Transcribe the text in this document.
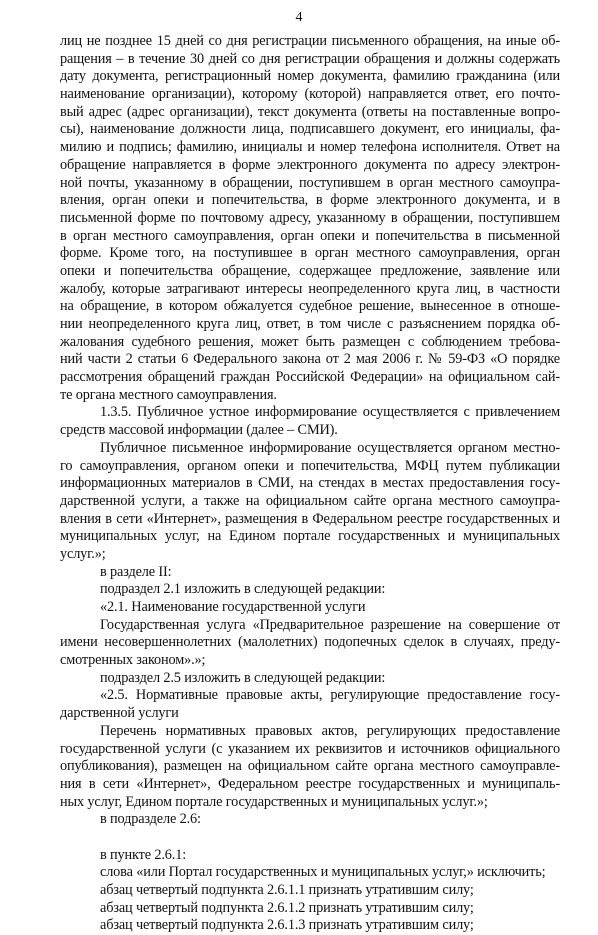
4
лиц не позднее 15 дней со дня регистрации письменного обращения, на иные об-
ращения – в течение 30 дней со дня регистрации обращения и должны содержать
дату документа, регистрационный номер документа, фамилию гражданина (или
наименование организации), которому (которой) направляется ответ, его почто-
вый адрес (адрес организации), текст документа (ответы на поставленные вопро-
сы), наименование должности лица, подписавшего документ, его инициалы, фа-
милию и подпись; фамилию, инициалы и номер телефона исполнителя. Ответ на
обращение направляется в форме электронного документа по адресу электрон-
ной почты, указанному в обращении, поступившем в орган местного самоупра-
вления, орган опеки и попечительства, в форме электронного документа, и в
письменной форме по почтовому адресу, указанному в обращении, поступившем
в орган местного самоуправления, орган опеки и попечительства в письменной
форме. Кроме того, на поступившее в орган местного самоуправления, орган
опеки и попечительства обращение, содержащее предложение, заявление или
жалобу, которые затрагивают интересы неопределенного круга лиц, в частности
на обращение, в котором обжалуется судебное решение, вынесенное в отноше-
нии неопределенного круга лиц, ответ, в том числе с разъяснением порядка об-
жалования судебного решения, может быть размещен с соблюдением требова-
ний части 2 статьи 6 Федерального закона от 2 мая 2006 г. № 59-ФЗ «О порядке
рассмотрения обращений граждан Российской Федерации» на официальном сай-
те органа местного самоуправления.
1.3.5. Публичное устное информирование осуществляется с привлечением
средств массовой информации (далее – СМИ).
Публичное письменное информирование осуществляется органом местно-
го самоуправления, органом опеки и попечительства, МФЦ путем публикации
информационных материалов в СМИ, на стендах в местах предоставления госу-
дарственной услуги, а также на официальном сайте органа местного самоупра-
вления в сети «Интернет», размещения в Федеральном реестре государственных и
муниципальных услуг, на Едином портале государственных и муниципальных
услуг.»;
в разделе II:
подраздел 2.1 изложить в следующей редакции:
«2.1. Наименование государственной услуги
Государственная услуга «Предварительное разрешение на совершение от
имени несовершеннолетних (малолетних) подопечных сделок в случаях, преду-
смотренных законом».»;
подраздел 2.5 изложить в следующей редакции:
«2.5. Нормативные правовые акты, регулирующие предоставление госу-
дарственной услуги
Перечень нормативных правовых актов, регулирующих предоставление
государственной услуги (с указанием их реквизитов и источников официального
опубликования), размещен на официальном сайте органа местного самоуправле-
ния в сети «Интернет», Федеральном реестре государственных и муниципаль-
ных услуг, Едином портале государственных и муниципальных услуг.»;
в подразделе 2.6:
в пункте 2.6.1:
слова «или Портал государственных и муниципальных услуг,» исключить;
абзац четвертый подпункта 2.6.1.1 признать утратившим силу;
абзац четвертый подпункта 2.6.1.2 признать утратившим силу;
абзац четвертый подпункта 2.6.1.3 признать утратившим силу;
